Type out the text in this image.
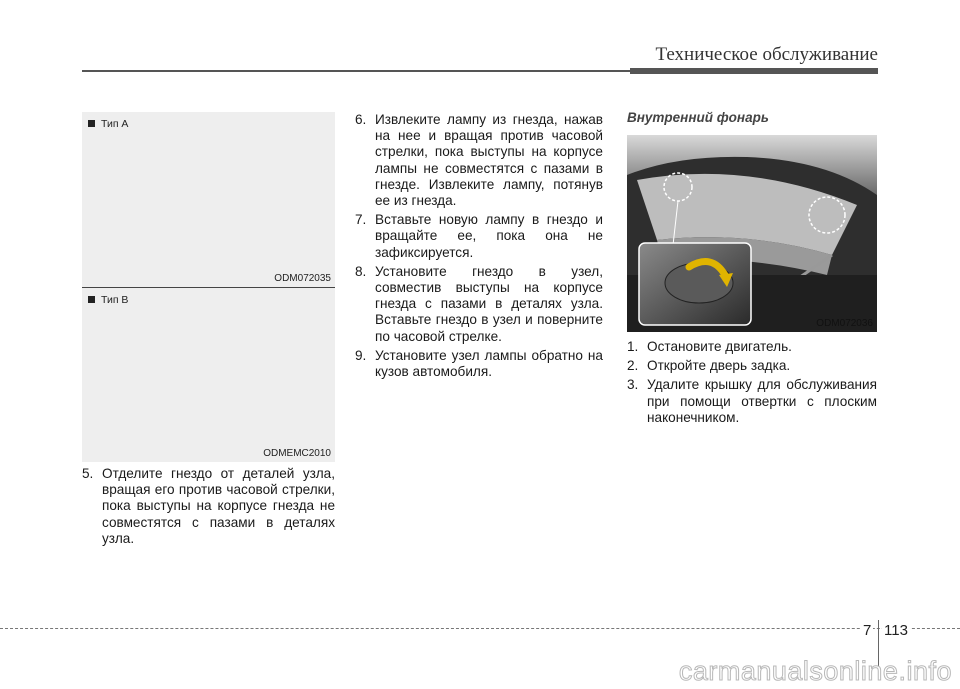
Техническое обслуживание
Тип A
ODM072035
Тип B
ODMEMC2010
5. Отделите гнездо от деталей узла, вращая его против часовой стрелки, пока выступы на корпусе гнезда не совместятся с пазами в деталях узла.
6. Извлеките лампу из гнезда, нажав на нее и вращая против часовой стрелки, пока выступы на корпусе лампы не совместятся с пазами в гнезде. Извлеките лампу, потянув ее из гнезда.
7. Вставьте новую лампу в гнездо и вращайте ее, пока она не зафиксируется.
8. Установите гнездо в узел, совместив выступы на корпусе гнезда с пазами в деталях узла. Вставьте гнездо в узел и поверните по часовой стрелке.
9. Установите узел лампы обратно на кузов автомобиля.
Внутренний фонарь
ODM072036
1. Остановите двигатель.
2. Откройте дверь задка.
3. Удалите крышку для обслуживания при помощи отвертки с плоским наконечником.
7 113
carmanualsonline.info
